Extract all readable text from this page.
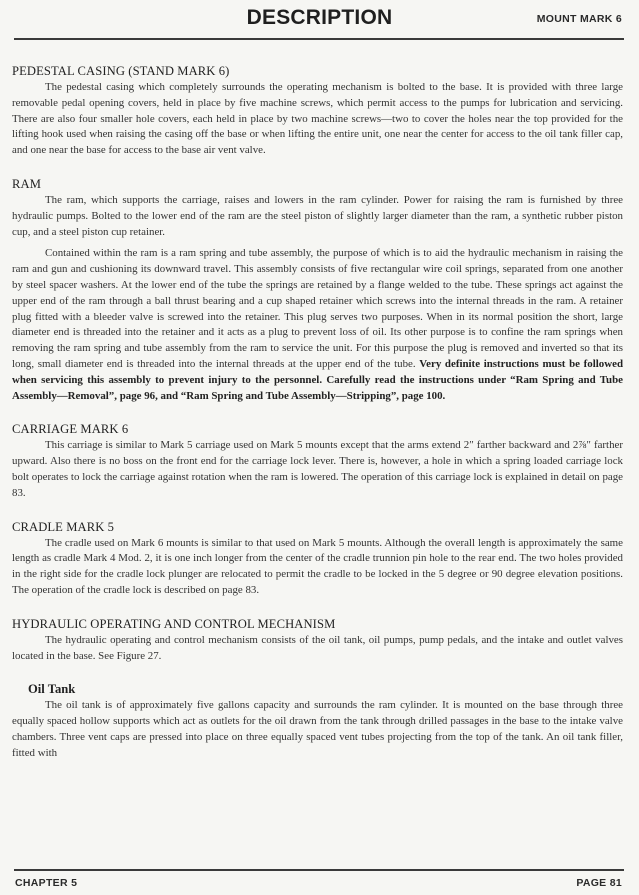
DESCRIPTION	MOUNT MARK 6
PEDESTAL CASING (STAND MARK 6)

The pedestal casing which completely surrounds the operating mechanism is bolted to the base. It is provided with three large removable pedal opening covers, held in place by five machine screws, which permit access to the pumps for lubrication and servicing. There are also four smaller hole covers, each held in place by two machine screws—two to cover the holes near the top provided for the lifting hook used when raising the casing off the base or when lifting the entire unit, one near the center for access to the oil tank filler cap, and one near the base for access to the base air vent valve.

RAM

The ram, which supports the carriage, raises and lowers in the ram cylinder. Power for raising the ram is furnished by three hydraulic pumps. Bolted to the lower end of the ram are the steel piston of slightly larger diameter than the ram, a synthetic rubber piston cup, and a steel piston cup retainer.

Contained within the ram is a ram spring and tube assembly, the purpose of which is to aid the hydraulic mechanism in raising the ram and gun and cushioning its downward travel. This assembly consists of five rectangular wire coil springs, separated from one another by steel spacer washers. At the lower end of the tube the springs are retained by a flange welded to the tube. These springs act against the upper end of the ram through a ball thrust bearing and a cup shaped retainer which screws into the internal threads in the ram. A retainer plug fitted with a bleeder valve is screwed into the retainer. This plug serves two purposes. When in its normal position the short, large diameter end is threaded into the retainer and it acts as a plug to prevent loss of oil. Its other purpose is to confine the ram springs when removing the ram spring and tube assembly from the ram to service the unit. For this purpose the plug is removed and inverted so that its long, small diameter end is threaded into the internal threads at the upper end of the tube. Very definite instructions must be followed when servicing this assembly to prevent injury to the personnel. Carefully read the instructions under “Ram Spring and Tube Assembly—Removal”, page 96, and “Ram Spring and Tube Assembly—Stripping”, page 100.

CARRIAGE MARK 6

This carriage is similar to Mark 5 carriage used on Mark 5 mounts except that the arms extend 2″ farther backward and 2⅞″ farther upward. Also there is no boss on the front end for the carriage lock lever. There is, however, a hole in which a spring loaded carriage lock bolt operates to lock the carriage against rotation when the ram is lowered. The operation of this carriage lock is explained in detail on page 83.

CRADLE MARK 5

The cradle used on Mark 6 mounts is similar to that used on Mark 5 mounts. Although the overall length is approximately the same length as cradle Mark 4 Mod. 2, it is one inch longer from the center of the cradle trunnion pin hole to the rear end. The two holes provided in the right side for the cradle lock plunger are relocated to permit the cradle to be locked in the 5 degree or 90 degree elevation positions. The operation of the cradle lock is described on page 83.

HYDRAULIC OPERATING AND CONTROL MECHANISM

The hydraulic operating and control mechanism consists of the oil tank, oil pumps, pump pedals, and the intake and outlet valves located in the base. See Figure 27.

Oil Tank

The oil tank is of approximately five gallons capacity and surrounds the ram cylinder. It is mounted on the base through three equally spaced hollow supports which act as outlets for the oil drawn from the tank through drilled passages in the base to the intake valve chambers. Three vent caps are pressed into place on three equally spaced vent tubes projecting from the top of the tank. An oil tank filler, fitted with

CHAPTER 5	PAGE 81
